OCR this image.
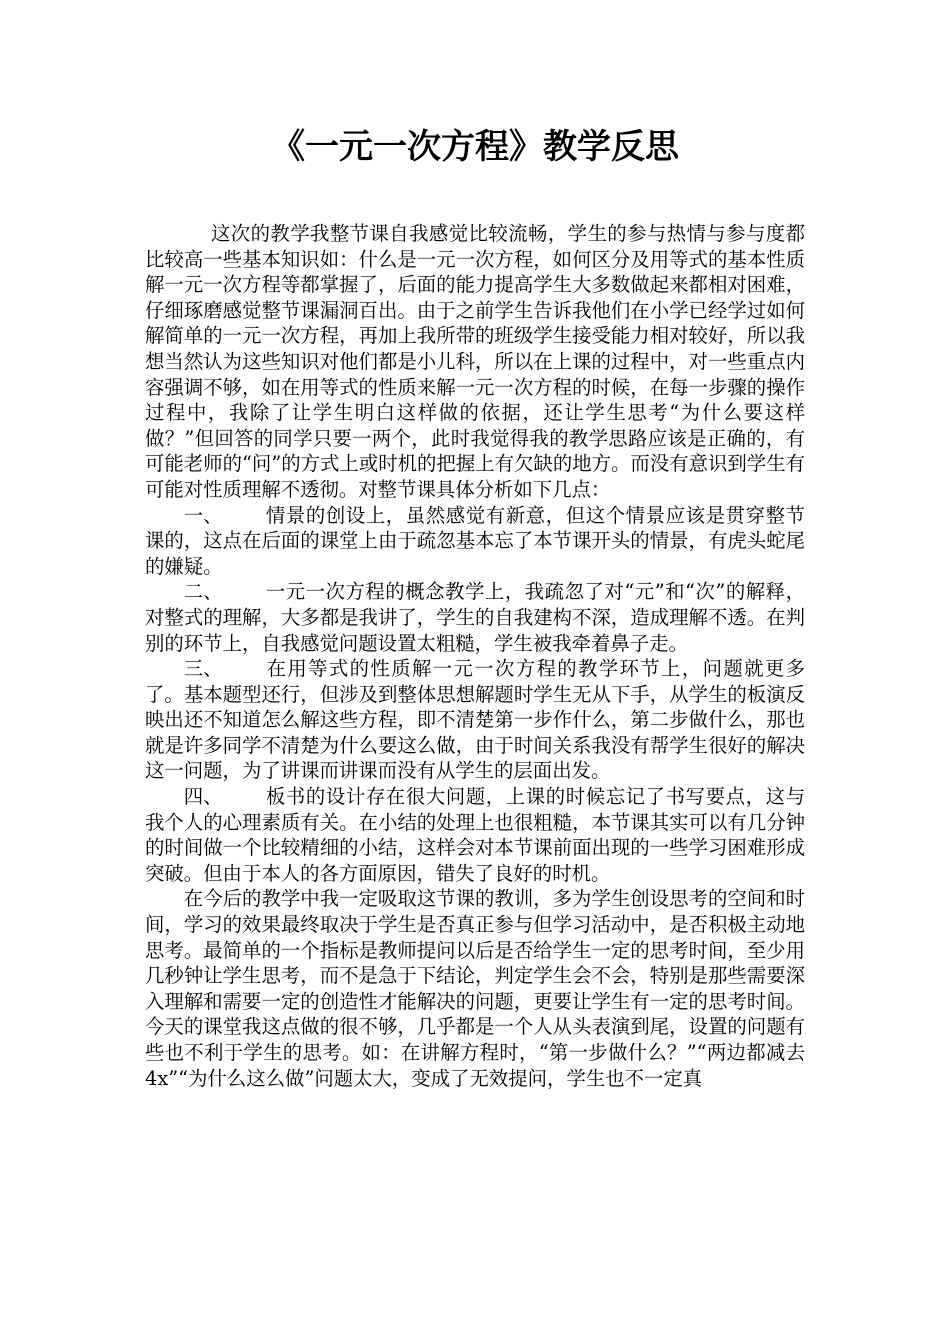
《一元一次方程》教学反思

这次的教学我整节课自我感觉比较流畅，学生的参与热情与参与度都比较高一些基本知识如：什么是一元一次方程，如何区分及用等式的基本性质解一元一次方程等都掌握了，后面的能力提高学生大多数做起来都相对困难，仔细琢磨感觉整节课漏洞百出。由于之前学生告诉我他们在小学已经学过如何解简单的一元一次方程，再加上我所带的班级学生接受能力相对较好，所以我想当然认为这些知识对他们都是小儿科，所以在上课的过程中，对一些重点内容强调不够，如在用等式的性质来解一元一次方程的时候，在每一步骤的操作过程中，我除了让学生明白这样做的依据，还让学生思考“为什么要这样做？”但回答的同学只要一两个，此时我觉得我的教学思路应该是正确的，有可能老师的“问”的方式上或时机的把握上有欠缺的地方。而没有意识到学生有可能对性质理解不透彻。对整节课具体分析如下几点：

一、 情景的创设上，虽然感觉有新意，但这个情景应该是贯穿整节课的，这点在后面的课堂上由于疏忽基本忘了本节课开头的情景，有虎头蛇尾的嫌疑。

二、 一元一次方程的概念教学上，我疏忽了对“元”和“次”的解释，对整式的理解，大多都是我讲了，学生的自我建构不深，造成理解不透。在判别的环节上，自我感觉问题设置太粗糙，学生被我牵着鼻子走。

三、 在用等式的性质解一元一次方程的教学环节上，问题就更多了。基本题型还行，但涉及到整体思想解题时学生无从下手，从学生的板演反映出还不知道怎么解这些方程，即不清楚第一步作什么，第二步做什么，那也就是许多同学不清楚为什么要这么做，由于时间关系我没有帮学生很好的解决这一问题，为了讲课而讲课而没有从学生的层面出发。

四、 板书的设计存在很大问题，上课的时候忘记了书写要点，这与我个人的心理素质有关。在小结的处理上也很粗糙，本节课其实可以有几分钟的时间做一个比较精细的小结，这样会对本节课前面出现的一些学习困难形成突破。但由于本人的各方面原因，错失了良好的时机。

在今后的教学中我一定吸取这节课的教训，多为学生创设思考的空间和时间，学习的效果最终取决于学生是否真正参与但学习活动中，是否积极主动地思考。最简单的一个指标是教师提问以后是否给学生一定的思考时间，至少用几秒钟让学生思考，而不是急于下结论，判定学生会不会，特别是那些需要深入理解和需要一定的创造性才能解决的问题，更要让学生有一定的思考时间。今天的课堂我这点做的很不够，几乎都是一个人从头表演到尾，设置的问题有些也不利于学生的思考。如：在讲解方程时，“第一步做什么？”“两边都减去4x”“为什么这么做”问题太大，变成了无效提问，学生也不一定真
